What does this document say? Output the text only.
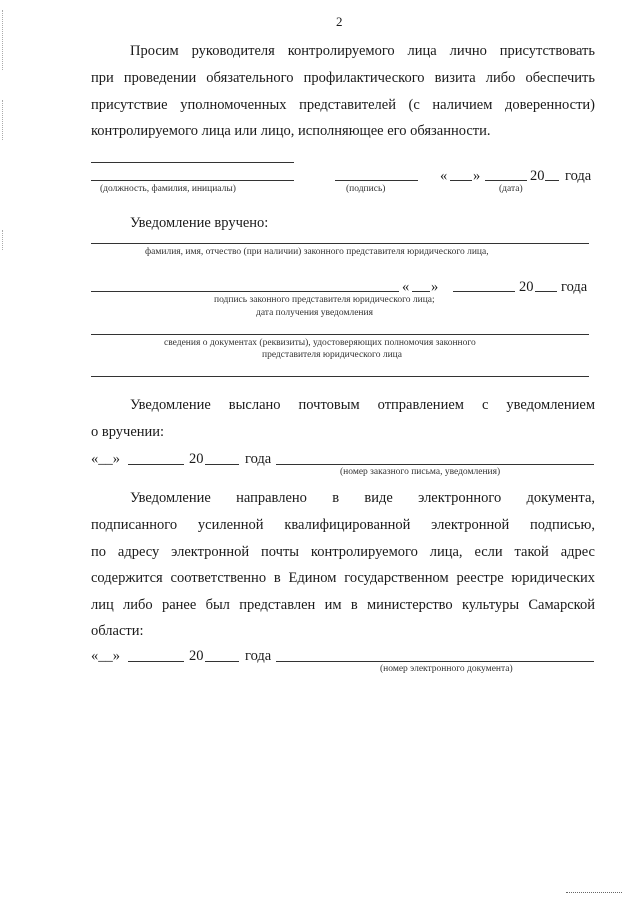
2
Просим руководителя контролируемого лица лично присутствовать
при проведении обязательного профилактического визита либо обеспечить
присутствие уполномоченных представителей (с наличием доверенности)
контролируемого лица или лицо, исполняющее его обязанности.
(должность, фамилия, инициалы)	(подпись)
« »	20 года
(дата)
Уведомление вручено:
фамилия, имя, отчество (при наличии) законного представителя юридического лица,
« »	20 года
подпись законного представителя юридического лица;
дата получения уведомления
сведения о документах (реквизиты), удостоверяющих полномочия законного
представителя юридического лица
Уведомление выслано почтовым отправлением с уведомлением
о вручении:
«__»	20	года
(номер заказного письма, уведомления)
Уведомление направлено в виде электронного документа,
подписанного усиленной квалифицированной электронной подписью,
по адресу электронной почты контролируемого лица, если такой адрес
содержится соответственно в Едином государственном реестре юридических
лиц либо ранее был представлен им в министерство культуры Самарской
области:
«__»	20	года
(номер электронного документа)
